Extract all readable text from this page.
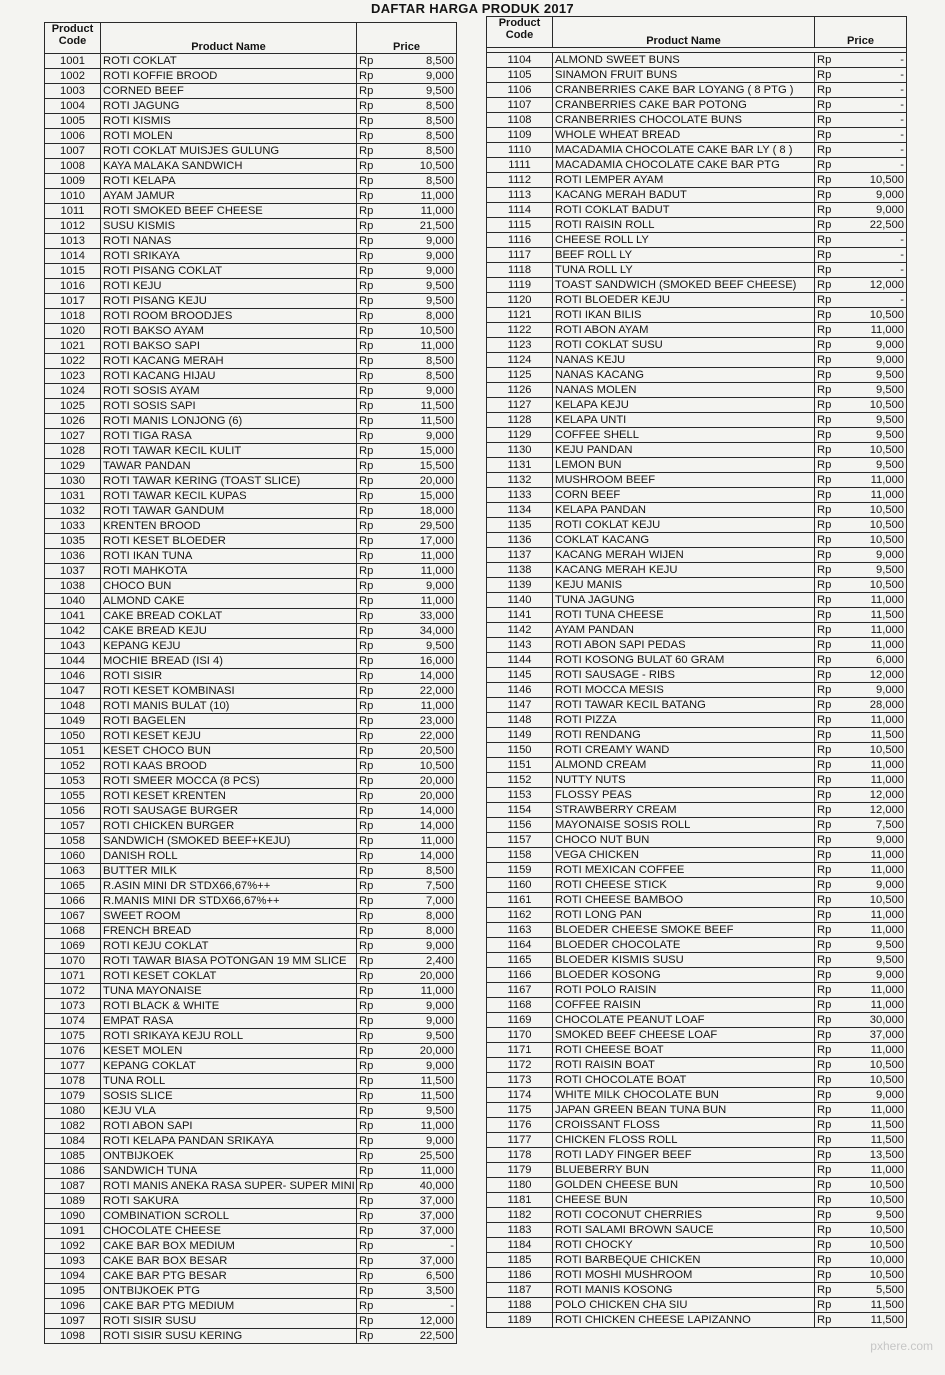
DAFTAR HARGA PRODUK 2017
Product Code	Product Name	Price	
1001	ROTI COKLAT	Rp	8,500
1002	ROTI KOFFIE BROOD	Rp	9,000
1003	CORNED BEEF	Rp	9,500
1004	ROTI JAGUNG	Rp	8,500
1005	ROTI KISMIS	Rp	8,500
1006	ROTI MOLEN	Rp	8,500
1007	ROTI COKLAT MUISJES GULUNG	Rp	8,500
1008	KAYA MALAKA SANDWICH	Rp	10,500
1009	ROTI KELAPA	Rp	8,500
1010	AYAM JAMUR	Rp	11,000
1011	ROTI SMOKED BEEF CHEESE	Rp	11,000
1012	SUSU KISMIS	Rp	21,500
1013	ROTI NANAS	Rp	9,000
1014	ROTI SRIKAYA	Rp	9,000
1015	ROTI PISANG COKLAT	Rp	9,000
1016	ROTI KEJU	Rp	9,500
1017	ROTI PISANG KEJU	Rp	9,500
1018	ROTI ROOM BROODJES	Rp	8,000
1020	ROTI BAKSO AYAM	Rp	10,500
1021	ROTI BAKSO SAPI	Rp	11,000
1022	ROTI KACANG MERAH	Rp	8,500
1023	ROTI KACANG HIJAU	Rp	8,500
1024	ROTI SOSIS AYAM	Rp	9,000
1025	ROTI SOSIS SAPI	Rp	11,500
1026	ROTI MANIS LONJONG (6)	Rp	11,500
1027	ROTI TIGA RASA	Rp	9,000
1028	ROTI TAWAR KECIL KULIT	Rp	15,000
1029	TAWAR PANDAN	Rp	15,500
1030	ROTI TAWAR KERING (TOAST SLICE)	Rp	20,000
1031	ROTI TAWAR KECIL KUPAS	Rp	15,000
1032	ROTI TAWAR GANDUM	Rp	18,000
1033	KRENTEN BROOD	Rp	29,500
1035	ROTI KESET BLOEDER	Rp	17,000
1036	ROTI IKAN TUNA	Rp	11,000
1037	ROTI MAHKOTA	Rp	11,000
1038	CHOCO BUN	Rp	9,000
1040	ALMOND CAKE	Rp	11,000
1041	CAKE BREAD COKLAT	Rp	33,000
1042	CAKE BREAD KEJU	Rp	34,000
1043	KEPANG KEJU	Rp	9,500
1044	MOCHIE BREAD (ISI 4)	Rp	16,000
1046	ROTI SISIR	Rp	14,000
1047	ROTI KESET KOMBINASI	Rp	22,000
1048	ROTI MANIS BULAT (10)	Rp	11,000
1049	ROTI BAGELEN	Rp	23,000
1050	ROTI KESET KEJU	Rp	22,000
1051	KESET CHOCO BUN	Rp	20,500
1052	ROTI KAAS BROOD	Rp	10,500
1053	ROTI SMEER MOCCA (8 PCS)	Rp	20,000
1055	ROTI KESET KRENTEN	Rp	20,000
1056	ROTI SAUSAGE BURGER	Rp	14,000
1057	ROTI CHICKEN BURGER	Rp	14,000
1058	SANDWICH (SMOKED BEEF+KEJU)	Rp	11,000
1060	DANISH ROLL	Rp	14,000
1063	BUTTER MILK	Rp	8,500
1065	R.ASIN MINI DR STDX66,67%++	Rp	7,500
1066	R.MANIS MINI DR STDX66,67%++	Rp	7,000
1067	SWEET ROOM	Rp	8,000
1068	FRENCH BREAD	Rp	8,000
1069	ROTI KEJU COKLAT	Rp	9,000
1070	ROTI TAWAR BIASA POTONGAN 19 MM SLICE	Rp	2,400
1071	ROTI KESET COKLAT	Rp	20,000
1072	TUNA MAYONAISE	Rp	11,000
1073	ROTI BLACK & WHITE	Rp	9,000
1074	EMPAT RASA	Rp	9,000
1075	ROTI SRIKAYA KEJU ROLL	Rp	9,500
1076	KESET MOLEN	Rp	20,000
1077	KEPANG COKLAT	Rp	9,000
1078	TUNA ROLL	Rp	11,500
1079	SOSIS SLICE	Rp	11,500
1080	KEJU VLA	Rp	9,500
1082	ROTI ABON SAPI	Rp	11,000
1084	ROTI KELAPA PANDAN SRIKAYA	Rp	9,000
1085	ONTBIJKOEK	Rp	25,500
1086	SANDWICH TUNA	Rp	11,000
1087	ROTI MANIS ANEKA RASA SUPER- SUPER MINI	Rp	40,000
1089	ROTI SAKURA	Rp	37,000
1090	COMBINATION SCROLL	Rp	37,000
1091	CHOCOLATE CHEESE	Rp	37,000
1092	CAKE BAR BOX MEDIUM	Rp	-
1093	CAKE BAR BOX BESAR	Rp	37,000
1094	CAKE BAR PTG BESAR	Rp	6,500
1095	ONTBIJKOEK PTG	Rp	3,500
1096	CAKE BAR PTG MEDIUM	Rp	-
1097	ROTI SISIR SUSU	Rp	12,000
1098	ROTI SISIR SUSU KERING	Rp	22,500
Product Code	Product Name	Price	

1104	ALMOND SWEET BUNS	Rp	-
1105	SINAMON FRUIT BUNS	Rp	-
1106	CRANBERRIES CAKE BAR LOYANG ( 8 PTG )	Rp	-
1107	CRANBERRIES CAKE BAR POTONG	Rp	-
1108	CRANBERRIES CHOCOLATE BUNS	Rp	-
1109	WHOLE WHEAT BREAD	Rp	-
1110	MACADAMIA CHOCOLATE CAKE BAR LY ( 8 )	Rp	-
1111	MACADAMIA CHOCOLATE CAKE BAR PTG	Rp	-
1112	ROTI LEMPER AYAM	Rp	10,500
1113	KACANG MERAH BADUT	Rp	9,000
1114	ROTI COKLAT BADUT	Rp	9,000
1115	ROTI RAISIN ROLL	Rp	22,500
1116	CHEESE ROLL LY	Rp	-
1117	BEEF ROLL LY	Rp	-
1118	TUNA ROLL LY	Rp	-
1119	TOAST SANDWICH (SMOKED BEEF CHEESE)	Rp	12,000
1120	ROTI BLOEDER KEJU	Rp	-
1121	ROTI IKAN BILIS	Rp	10,500
1122	ROTI ABON AYAM	Rp	11,000
1123	ROTI COKLAT SUSU	Rp	9,000
1124	NANAS KEJU	Rp	9,000
1125	NANAS KACANG	Rp	9,500
1126	NANAS MOLEN	Rp	9,500
1127	KELAPA KEJU	Rp	10,500
1128	KELAPA UNTI	Rp	9,500
1129	COFFEE SHELL	Rp	9,500
1130	KEJU PANDAN	Rp	10,500
1131	LEMON BUN	Rp	9,500
1132	MUSHROOM BEEF	Rp	11,000
1133	CORN BEEF	Rp	11,000
1134	KELAPA PANDAN	Rp	10,500
1135	ROTI COKLAT KEJU	Rp	10,500
1136	COKLAT KACANG	Rp	10,500
1137	KACANG MERAH WIJEN	Rp	9,000
1138	KACANG MERAH KEJU	Rp	9,500
1139	KEJU MANIS	Rp	10,500
1140	TUNA JAGUNG	Rp	11,000
1141	ROTI TUNA CHEESE	Rp	11,500
1142	AYAM PANDAN	Rp	11,000
1143	ROTI ABON SAPI PEDAS	Rp	11,000
1144	ROTI KOSONG BULAT 60 GRAM	Rp	6,000
1145	ROTI SAUSAGE - RIBS	Rp	12,000
1146	ROTI MOCCA MESIS	Rp	9,000
1147	ROTI TAWAR KECIL BATANG	Rp	28,000
1148	ROTI PIZZA	Rp	11,000
1149	ROTI RENDANG	Rp	11,500
1150	ROTI CREAMY WAND	Rp	10,500
1151	ALMOND CREAM	Rp	11,000
1152	NUTTY NUTS	Rp	11,000
1153	FLOSSY PEAS	Rp	12,000
1154	STRAWBERRY CREAM	Rp	12,000
1156	MAYONAISE SOSIS ROLL	Rp	7,500
1157	CHOCO NUT BUN	Rp	9,000
1158	VEGA CHICKEN	Rp	11,000
1159	ROTI MEXICAN COFFEE	Rp	11,000
1160	ROTI CHEESE STICK	Rp	9,000
1161	ROTI CHEESE BAMBOO	Rp	10,500
1162	ROTI LONG PAN	Rp	11,000
1163	BLOEDER CHEESE SMOKE BEEF	Rp	11,000
1164	BLOEDER CHOCOLATE	Rp	9,500
1165	BLOEDER KISMIS SUSU	Rp	9,500
1166	BLOEDER KOSONG	Rp	9,000
1167	ROTI POLO RAISIN	Rp	11,000
1168	COFFEE RAISIN	Rp	11,000
1169	CHOCOLATE PEANUT LOAF	Rp	30,000
1170	SMOKED BEEF CHEESE LOAF	Rp	37,000
1171	ROTI CHEESE BOAT	Rp	11,000
1172	ROTI RAISIN BOAT	Rp	10,500
1173	ROTI CHOCOLATE BOAT	Rp	10,500
1174	WHITE MILK CHOCOLATE BUN	Rp	9,000
1175	JAPAN GREEN BEAN TUNA BUN	Rp	11,000
1176	CROISSANT FLOSS	Rp	11,500
1177	CHICKEN FLOSS ROLL	Rp	11,500
1178	ROTI LADY FINGER BEEF	Rp	13,500
1179	BLUEBERRY BUN	Rp	11,000
1180	GOLDEN CHEESE BUN	Rp	10,500
1181	CHEESE BUN	Rp	10,500
1182	ROTI COCONUT CHERRIES	Rp	9,500
1183	ROTI SALAMI BROWN SAUCE	Rp	10,500
1184	ROTI CHOCKY	Rp	10,500
1185	ROTI BARBEQUE CHICKEN	Rp	10,000
1186	ROTI MOSHI MUSHROOM	Rp	10,500
1187	ROTI MANIS KOSONG	Rp	5,500
1188	POLO CHICKEN CHA SIU	Rp	11,500
1189	ROTI CHICKEN CHEESE LAPIZANNO	Rp	11,500
pxhere.com
